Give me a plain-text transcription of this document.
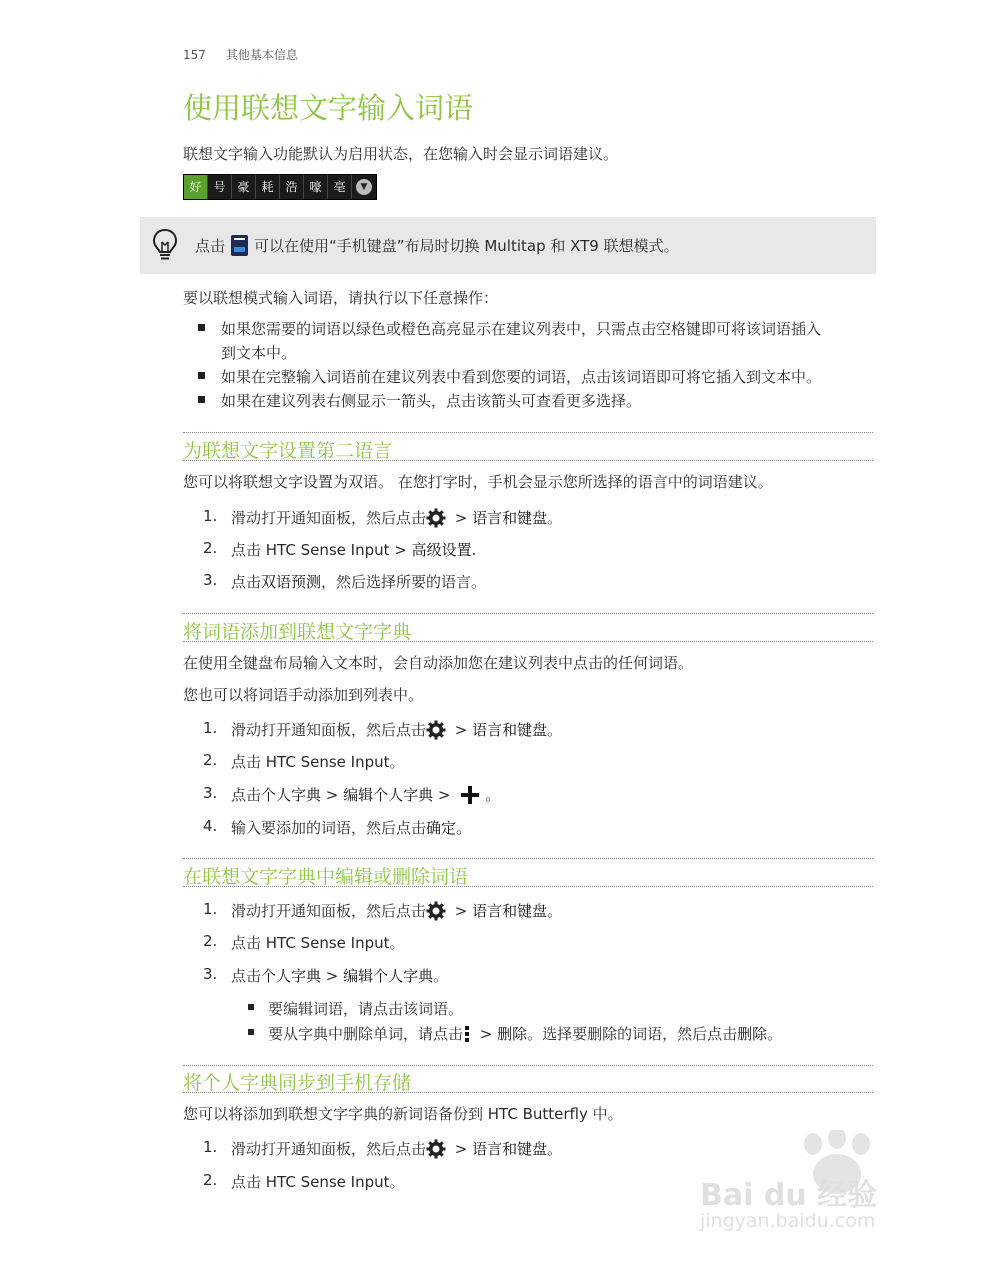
157 其他基本信息
使用联想文字输入词语
联想文字输入功能默认为启用状态，在您输入时会显示词语建议。
好 号 豪 耗 浩 嚎 亳	▼
点击 可以在使用“手机键盘”布局时切换 Multitap 和 XT9 联想模式。
要以联想模式输入词语，请执行以下任意操作：
如果您需要的词语以绿色或橙色高亮显示在建议列表中，只需点击空格键即可将该词语插入
到文本中。
如果在完整输入词语前在建议列表中看到您要的词语，点击该词语即可将它插入到文本中。
如果在建议列表右侧显示一箭头，点击该箭头可查看更多选择。
为联想文字设置第二语言
您可以将联想文字设置为双语。 在您打字时，手机会显示您所选择的语言中的词语建议。
1. 滑动打开通知面板，然后点击 > 语言和键盘 。
2. 点击 HTC Sense Input > 高级设置 .
3. 点击 双语预测 ，然后选择所要的语言。
将词语添加到联想文字字典
在使用全键盘布局输入文本时，会自动添加您在建议列表中点击的任何词语。
您也可以将词语手动添加到列表中。
1. 滑动打开通知面板，然后点击 > 语言和键盘 。
2. 点击 HTC Sense Input。
3. 点击 个人字典 > 编辑个人字典 > 。
4. 输入要添加的词语，然后点击 确定 。
在联想文字字典中编辑或删除词语
1. 滑动打开通知面板，然后点击 > 语言和键盘 。
2. 点击 HTC Sense Input。
3. 点击 个人字典 > 编辑个人字典 。
要编辑词语，请点击该词语。
要从字典中删除单词，请点击 > 删除 。选择要删除的词语，然后点击 删除 。
将个人字典同步到手机存储
您可以将添加到联想文字字典的新词语备份到 HTC Butterfly 中。
1. 滑动打开通知面板，然后点击 > 语言和键盘 。
2. 点击 HTC Sense Input。	Bai du 经验
jingyan.baidu.com
